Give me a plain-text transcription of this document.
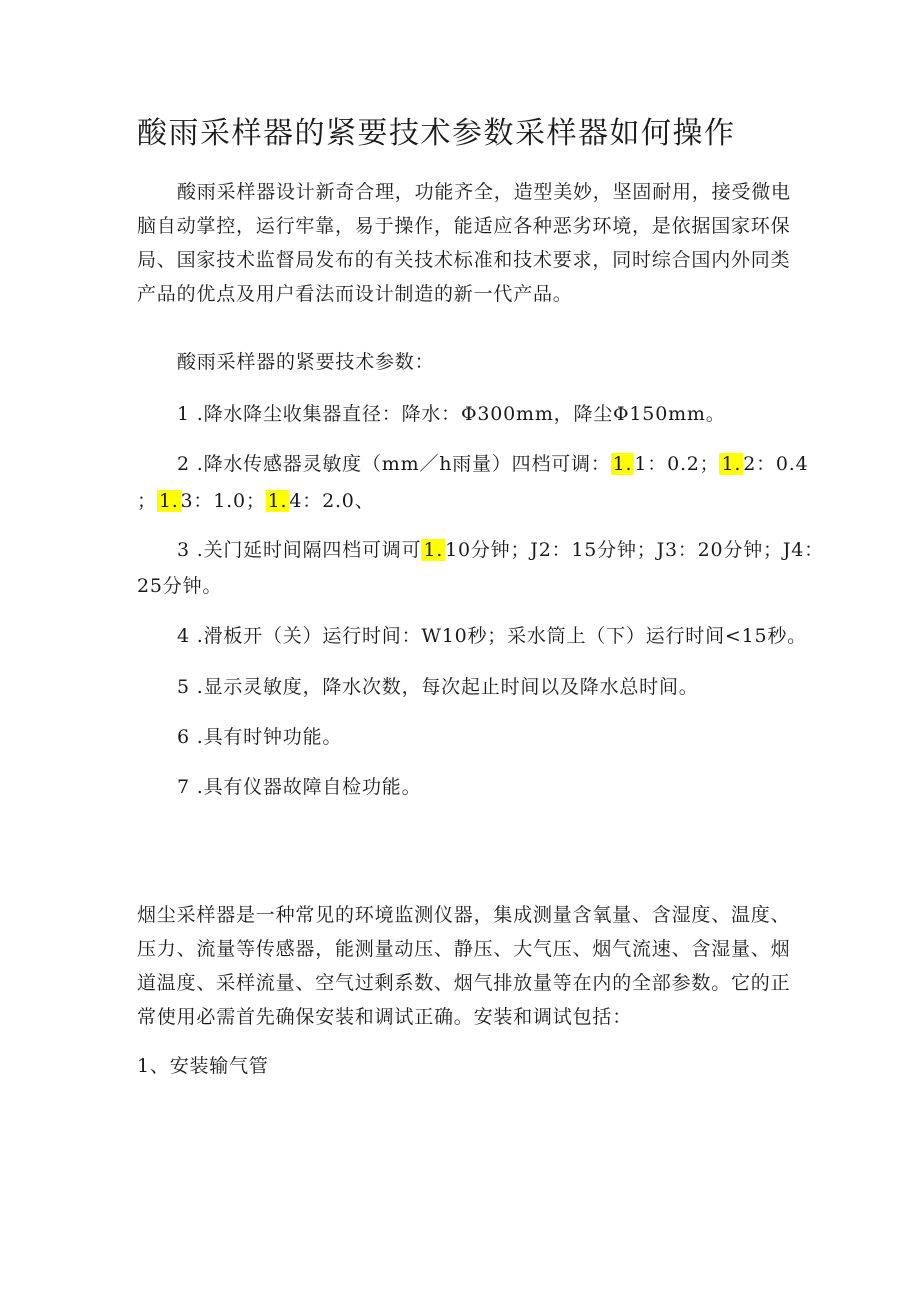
酸雨采样器的紧要技术参数采样器如何操作

酸雨采样器设计新奇合理，功能齐全，造型美妙，坚固耐用，接受微电脑自动掌控，运行牢靠，易于操作，能适应各种恶劣环境，是依据国家环保局、国家技术监督局发布的有关技术标准和技术要求，同时综合国内外同类产品的优点及用户看法而设计制造的新一代产品。

酸雨采样器的紧要技术参数：

1 .降水降尘收集器直径：降水：Φ300mm，降尘Φ150mm。

2 .降水传感器灵敏度（mm／h雨量）四档可调： 1. 1：0.2； 1. 2：0.4

； 1. 3：1.0； 1. 4：2.0、

3 .关门延时间隔四档可调可 1. 10分钟；J2：15分钟；J3：20分钟；J4：

25分钟。

4 .滑板开（关）运行时间：W10秒；采水筒上（下）运行时间<15秒。

5 .显示灵敏度，降水次数，每次起止时间以及降水总时间。

6 .具有时钟功能。

7 .具有仪器故障自检功能。

烟尘采样器是一种常见的环境监测仪器，集成测量含氧量、含湿度、温度、压力、流量等传感器，能测量动压、静压、大气压、烟气流速、含湿量、烟道温度、采样流量、空气过剩系数、烟气排放量等在内的全部参数。它的正常使用必需首先确保安装和调试正确。安装和调试包括：

1、安装输气管
